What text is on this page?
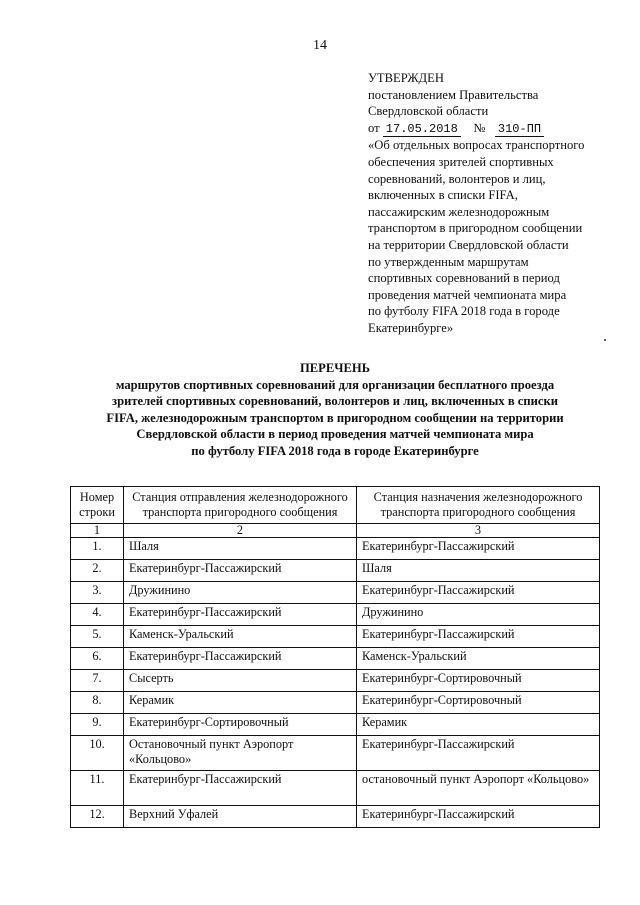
14
УТВЕРЖДЕН
постановлением Правительства
Свердловской области
от 17.05.2018 № 310-ПП
«Об отдельных вопросах транспортного
обеспечения зрителей спортивных
соревнований, волонтеров и лиц,
включенных в списки FIFA,
пассажирским железнодорожным
транспортом в пригородном сообщении
на территории Свердловской области
по утвержденным маршрутам
спортивных соревнований в период
проведения матчей чемпионата мира
по футболу FIFA 2018 года в городе
Екатеринбурге»
ПЕРЕЧЕНЬ
маршрутов спортивных соревнований для организации бесплатного проезда
зрителей спортивных соревнований, волонтеров и лиц, включенных в списки
FIFA, железнодорожным транспортом в пригородном сообщении на территории
Свердловской области в период проведения матчей чемпионата мира
по футболу FIFA 2018 года в городе Екатеринбурге
Номер строки	Станция отправления железнодорожного транспорта пригородного сообщения	Станция назначения железнодорожного транспорта пригородного сообщения
1	2	3
1.	Шаля	Екатеринбург-Пассажирский
2.	Екатеринбург-Пассажирский	Шаля
3.	Дружинино	Екатеринбург-Пассажирский
4.	Екатеринбург-Пассажирский	Дружинино
5.	Каменск-Уральский	Екатеринбург-Пассажирский
6.	Екатеринбург-Пассажирский	Каменск-Уральский
7.	Сысерть	Екатеринбург-Сортировочный
8.	Керамик	Екатеринбург-Сортировочный
9.	Екатеринбург-Сортировочный	Керамик
10.	Остановочный пункт Аэропорт «Кольцово»	Екатеринбург-Пассажирский
11.	Екатеринбург-Пассажирский	остановочный пункт Аэропорт «Кольцово»
12.	Верхний Уфалей	Екатеринбург-Пассажирский
